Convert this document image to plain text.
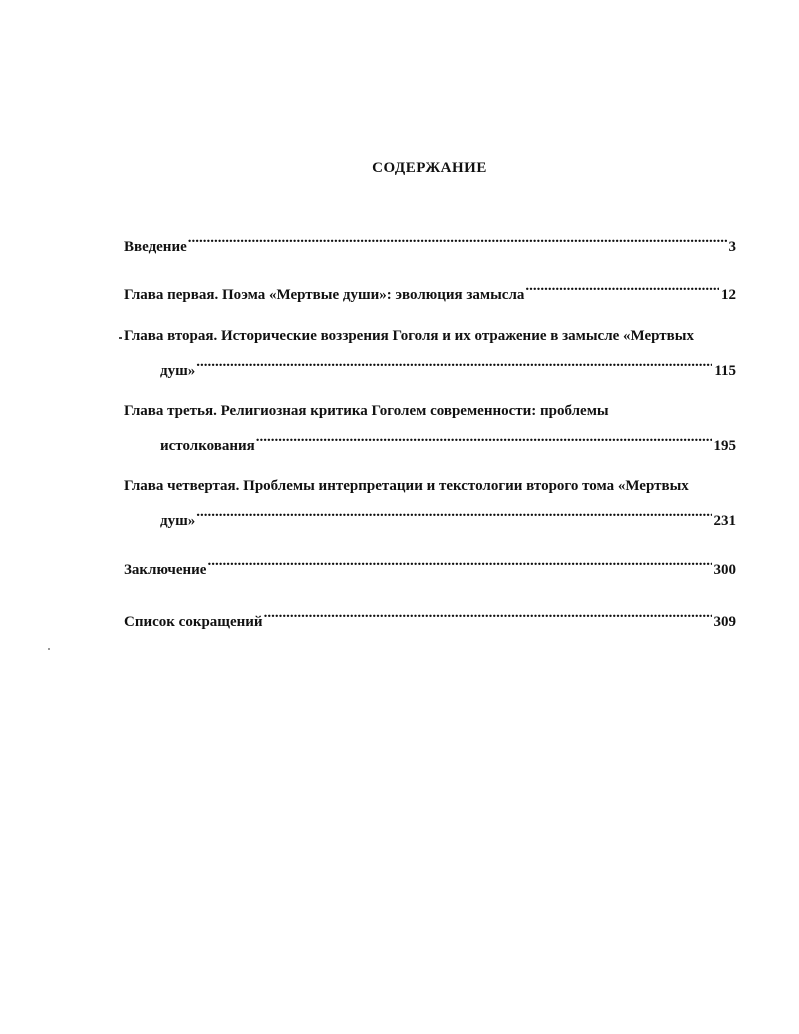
СОДЕРЖАНИЕ
Введение .....	3
Глава первая. Поэма «Мертвые души»: эволюция замысла .....	12
Глава вторая. Исторические воззрения Гоголя и их отражение в замысле «Мертвых
душ» .....	115
Глава третья. Религиозная критика Гоголем современности: проблемы
истолкования .....	195
Глава четвертая. Проблемы интерпретации и текстологии второго тома «Мертвых
душ» .....	231
Заключение .....	300
Список сокращений .....	309
